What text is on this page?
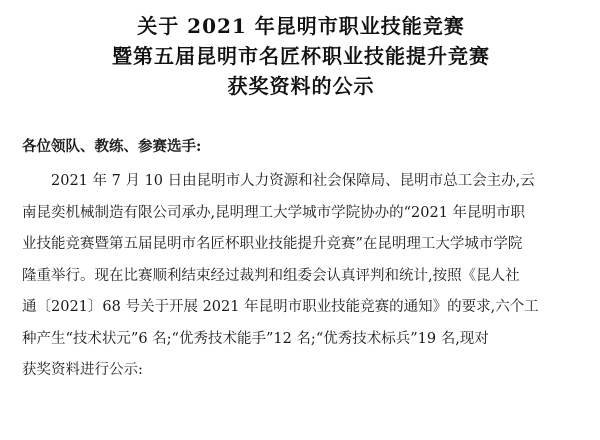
关于 2021 年昆明市职业技能竞赛
暨第五届昆明市名匠杯职业技能提升竞赛
获奖资料的公示
各位领队、教练、参赛选手:
2021 年 7 月 10 日由昆明市人力资源和社会保障局、昆明市总工会主办,云
南昆奕机械制造有限公司承办,昆明理工大学城市学院协办的“2021 年昆明市职
业技能竞赛暨第五届昆明市名匠杯职业技能提升竞赛”在昆明理工大学城市学院
隆重举行。现在比赛顺利结束经过裁判和组委会认真评判和统计,按照《昆人社
通〔2021〕68 号关于开展 2021 年昆明市职业技能竞赛的通知》的要求,六个工
种产生“技术状元”6 名;“优秀技术能手”12 名;“优秀技术标兵”19 名,现对
获奖资料进行公示:
